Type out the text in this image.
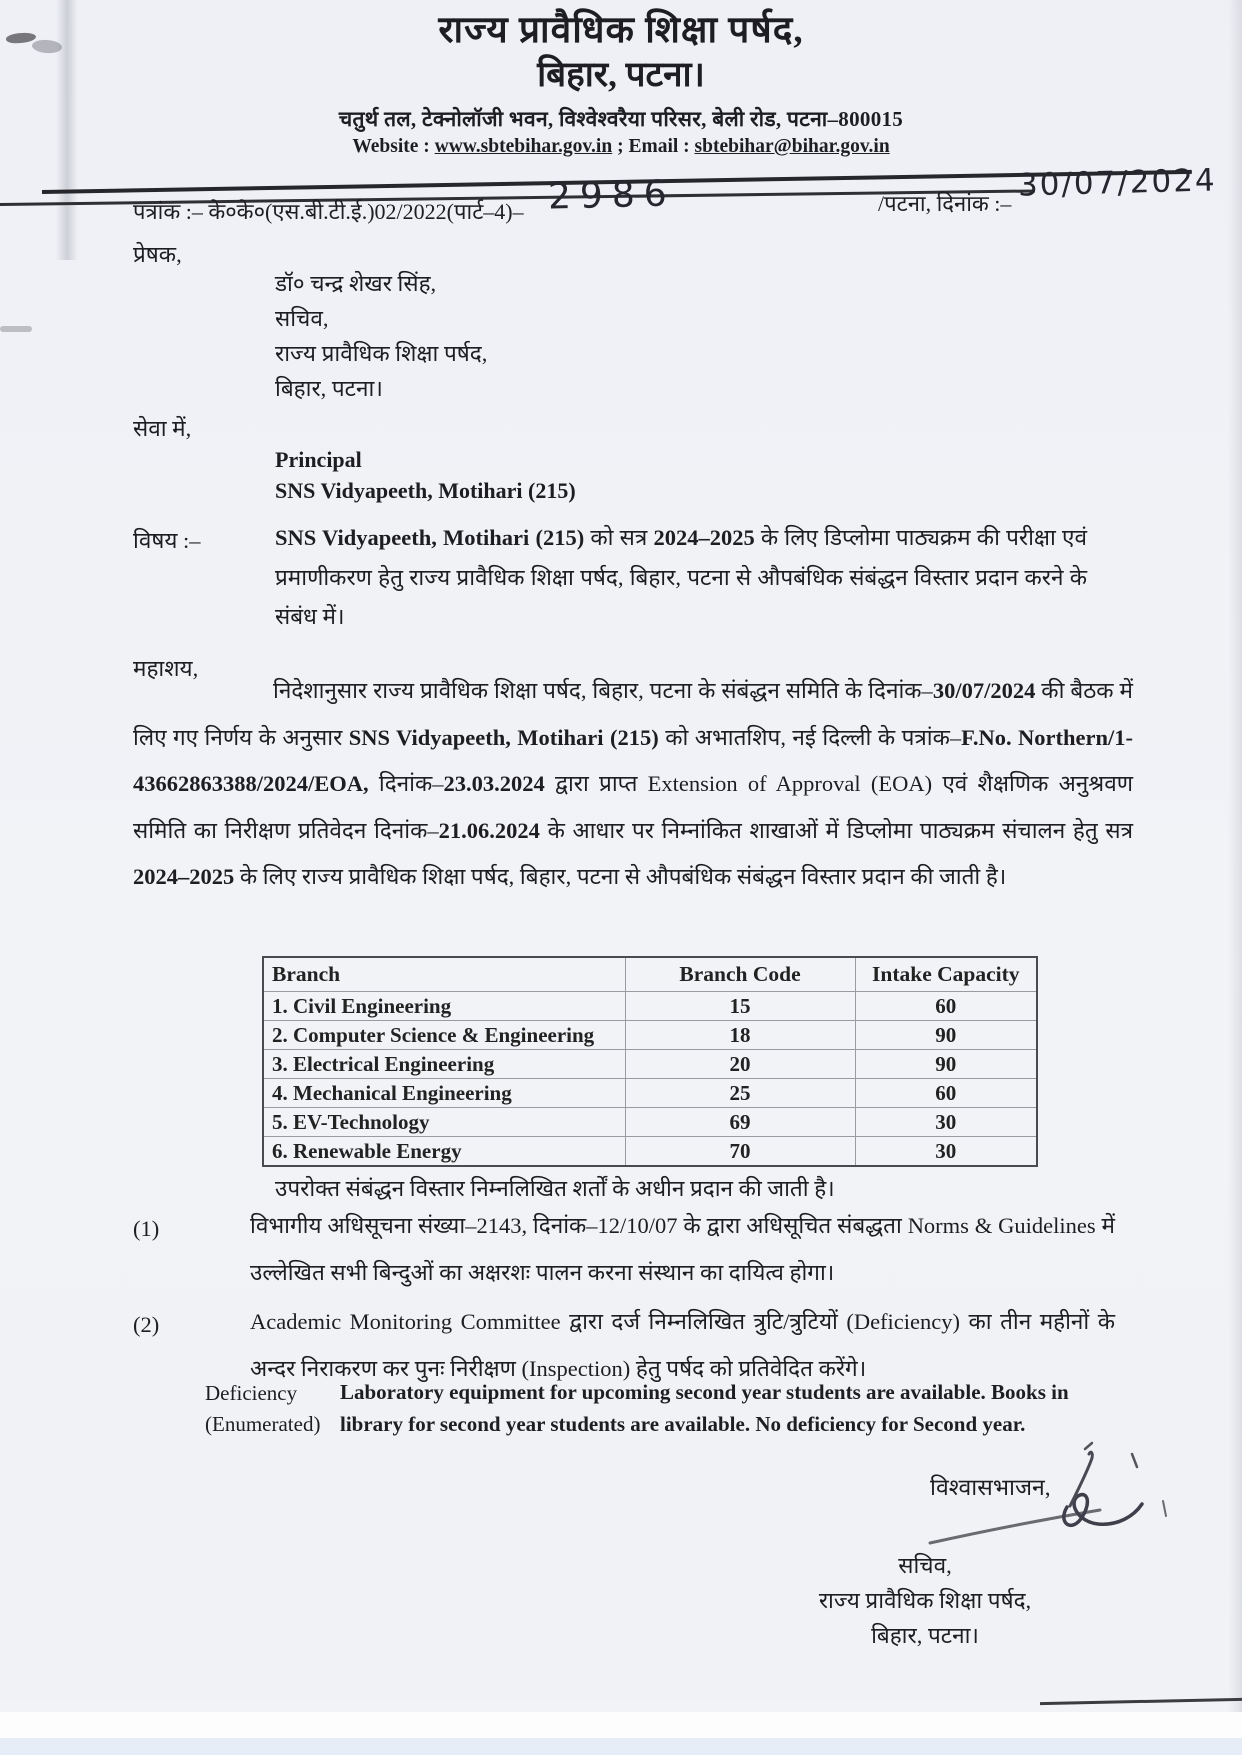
राज्य प्रावैधिक शिक्षा पर्षद,
बिहार, पटना।
चतुर्थ तल, टेक्नोलॉजी भवन, विश्वेश्वरैया परिसर, बेली रोड, पटना–800015
Website : www.sbtebihar.gov.in ; Email : sbtebihar@bihar.gov.in
पत्रांक :– के०के०(एस.बी.टी.ई.)02/2022(पार्ट–4)– 2986	/पटना, दिनांक :– 30/07/2024
प्रेषक,
डॉ० चन्द्र शेखर सिंह,
सचिव,
राज्य प्रावैधिक शिक्षा पर्षद,
बिहार, पटना।
सेवा में,
Principal
SNS Vidyapeeth, Motihari (215)
विषय :–	SNS Vidyapeeth, Motihari (215) को सत्र 2024–2025 के लिए डिप्लोमा पाठ्यक्रम की परीक्षा एवं प्रमाणीकरण हेतु राज्य प्रावैधिक शिक्षा पर्षद, बिहार, पटना से औपबंधिक संबंद्धन विस्तार प्रदान करने के संबंध में।
महाशय,
निदेशानुसार राज्य प्रावैधिक शिक्षा पर्षद, बिहार, पटना के संबंद्धन समिति के दिनांक–30/07/2024 की बैठक में लिए गए निर्णय के अनुसार SNS Vidyapeeth, Motihari (215) को अभातशिप, नई दिल्ली के पत्रांक–F.No. Northern/1-43662863388/2024/EOA, दिनांक–23.03.2024 द्वारा प्राप्त Extension of Approval (EOA) एवं शैक्षणिक अनुश्रवण समिति का निरीक्षण प्रतिवेदन दिनांक–21.06.2024 के आधार पर निम्नांकित शाखाओं में डिप्लोमा पाठ्यक्रम संचालन हेतु सत्र 2024–2025 के लिए राज्य प्रावैधिक शिक्षा पर्षद, बिहार, पटना से औपबंधिक संबंद्धन विस्तार प्रदान की जाती है।
Branch	Branch Code	Intake Capacity
1. Civil Engineering	15	60
2. Computer Science & Engineering	18	90
3. Electrical Engineering	20	90
4. Mechanical Engineering	25	60
5. EV-Technology	69	30
6. Renewable Energy	70	30
उपरोक्त संबंद्धन विस्तार निम्नलिखित शर्तों के अधीन प्रदान की जाती है।
(1)	विभागीय अधिसूचना संख्या–2143, दिनांक–12/10/07 के द्वारा अधिसूचित संबद्धता Norms & Guidelines में उल्लेखित सभी बिन्दुओं का अक्षरशः पालन करना संस्थान का दायित्व होगा।
(2)	Academic Monitoring Committee द्वारा दर्ज निम्नलिखित त्रुटि/त्रुटियों (Deficiency) का तीन महीनों के अन्दर निराकरण कर पुनः निरीक्षण (Inspection) हेतु पर्षद को प्रतिवेदित करेंगे।
Deficiency
(Enumerated)
Laboratory equipment for upcoming second year students are available. Books in library for second year students are available. No deficiency for Second year.
विश्वासभाजन,
सचिव,
राज्य प्रावैधिक शिक्षा पर्षद,
बिहार, पटना।
